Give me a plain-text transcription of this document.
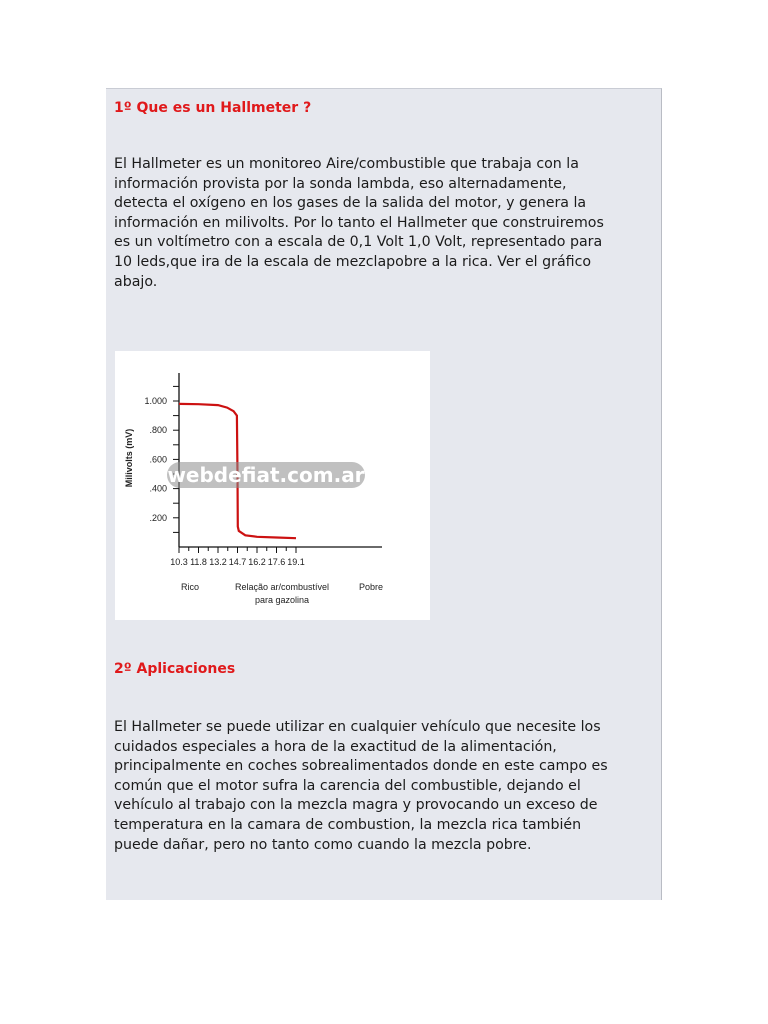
1º Que es un Hallmeter ?

El Hallmeter es un monitoreo Aire/combustible que trabaja con la
información provista por la sonda lambda, eso alternadamente,
detecta el oxígeno en los gases de la salida del motor, y genera la
información en milivolts. Por lo tanto el Hallmeter que construiremos
es un voltímetro con a escala de 0,1 Volt 1,0 Volt, representado para
10 leds,que ira de la escala de mezclapobre a la rica. Ver el gráfico
abajo.

1.000
.800
.600
.400
.200
10.3 11.8 13.2 14.7 16.2 17.6 19.1
webdefiat.com.ar
Milivolts (mV)
Rico	Pobre
Relação ar/combustível
para gazolina
2º Aplicaciones

El Hallmeter se puede utilizar en cualquier vehículo que necesite los
cuidados especiales a hora de la exactitud de la alimentación,
principalmente en coches sobrealimentados donde en este campo es
común que el motor sufra la carencia del combustible, dejando el
vehículo al trabajo con la mezcla magra y provocando un exceso de
temperatura en la camara de combustion, la mezcla rica también
puede dañar, pero no tanto como cuando la mezcla pobre.
